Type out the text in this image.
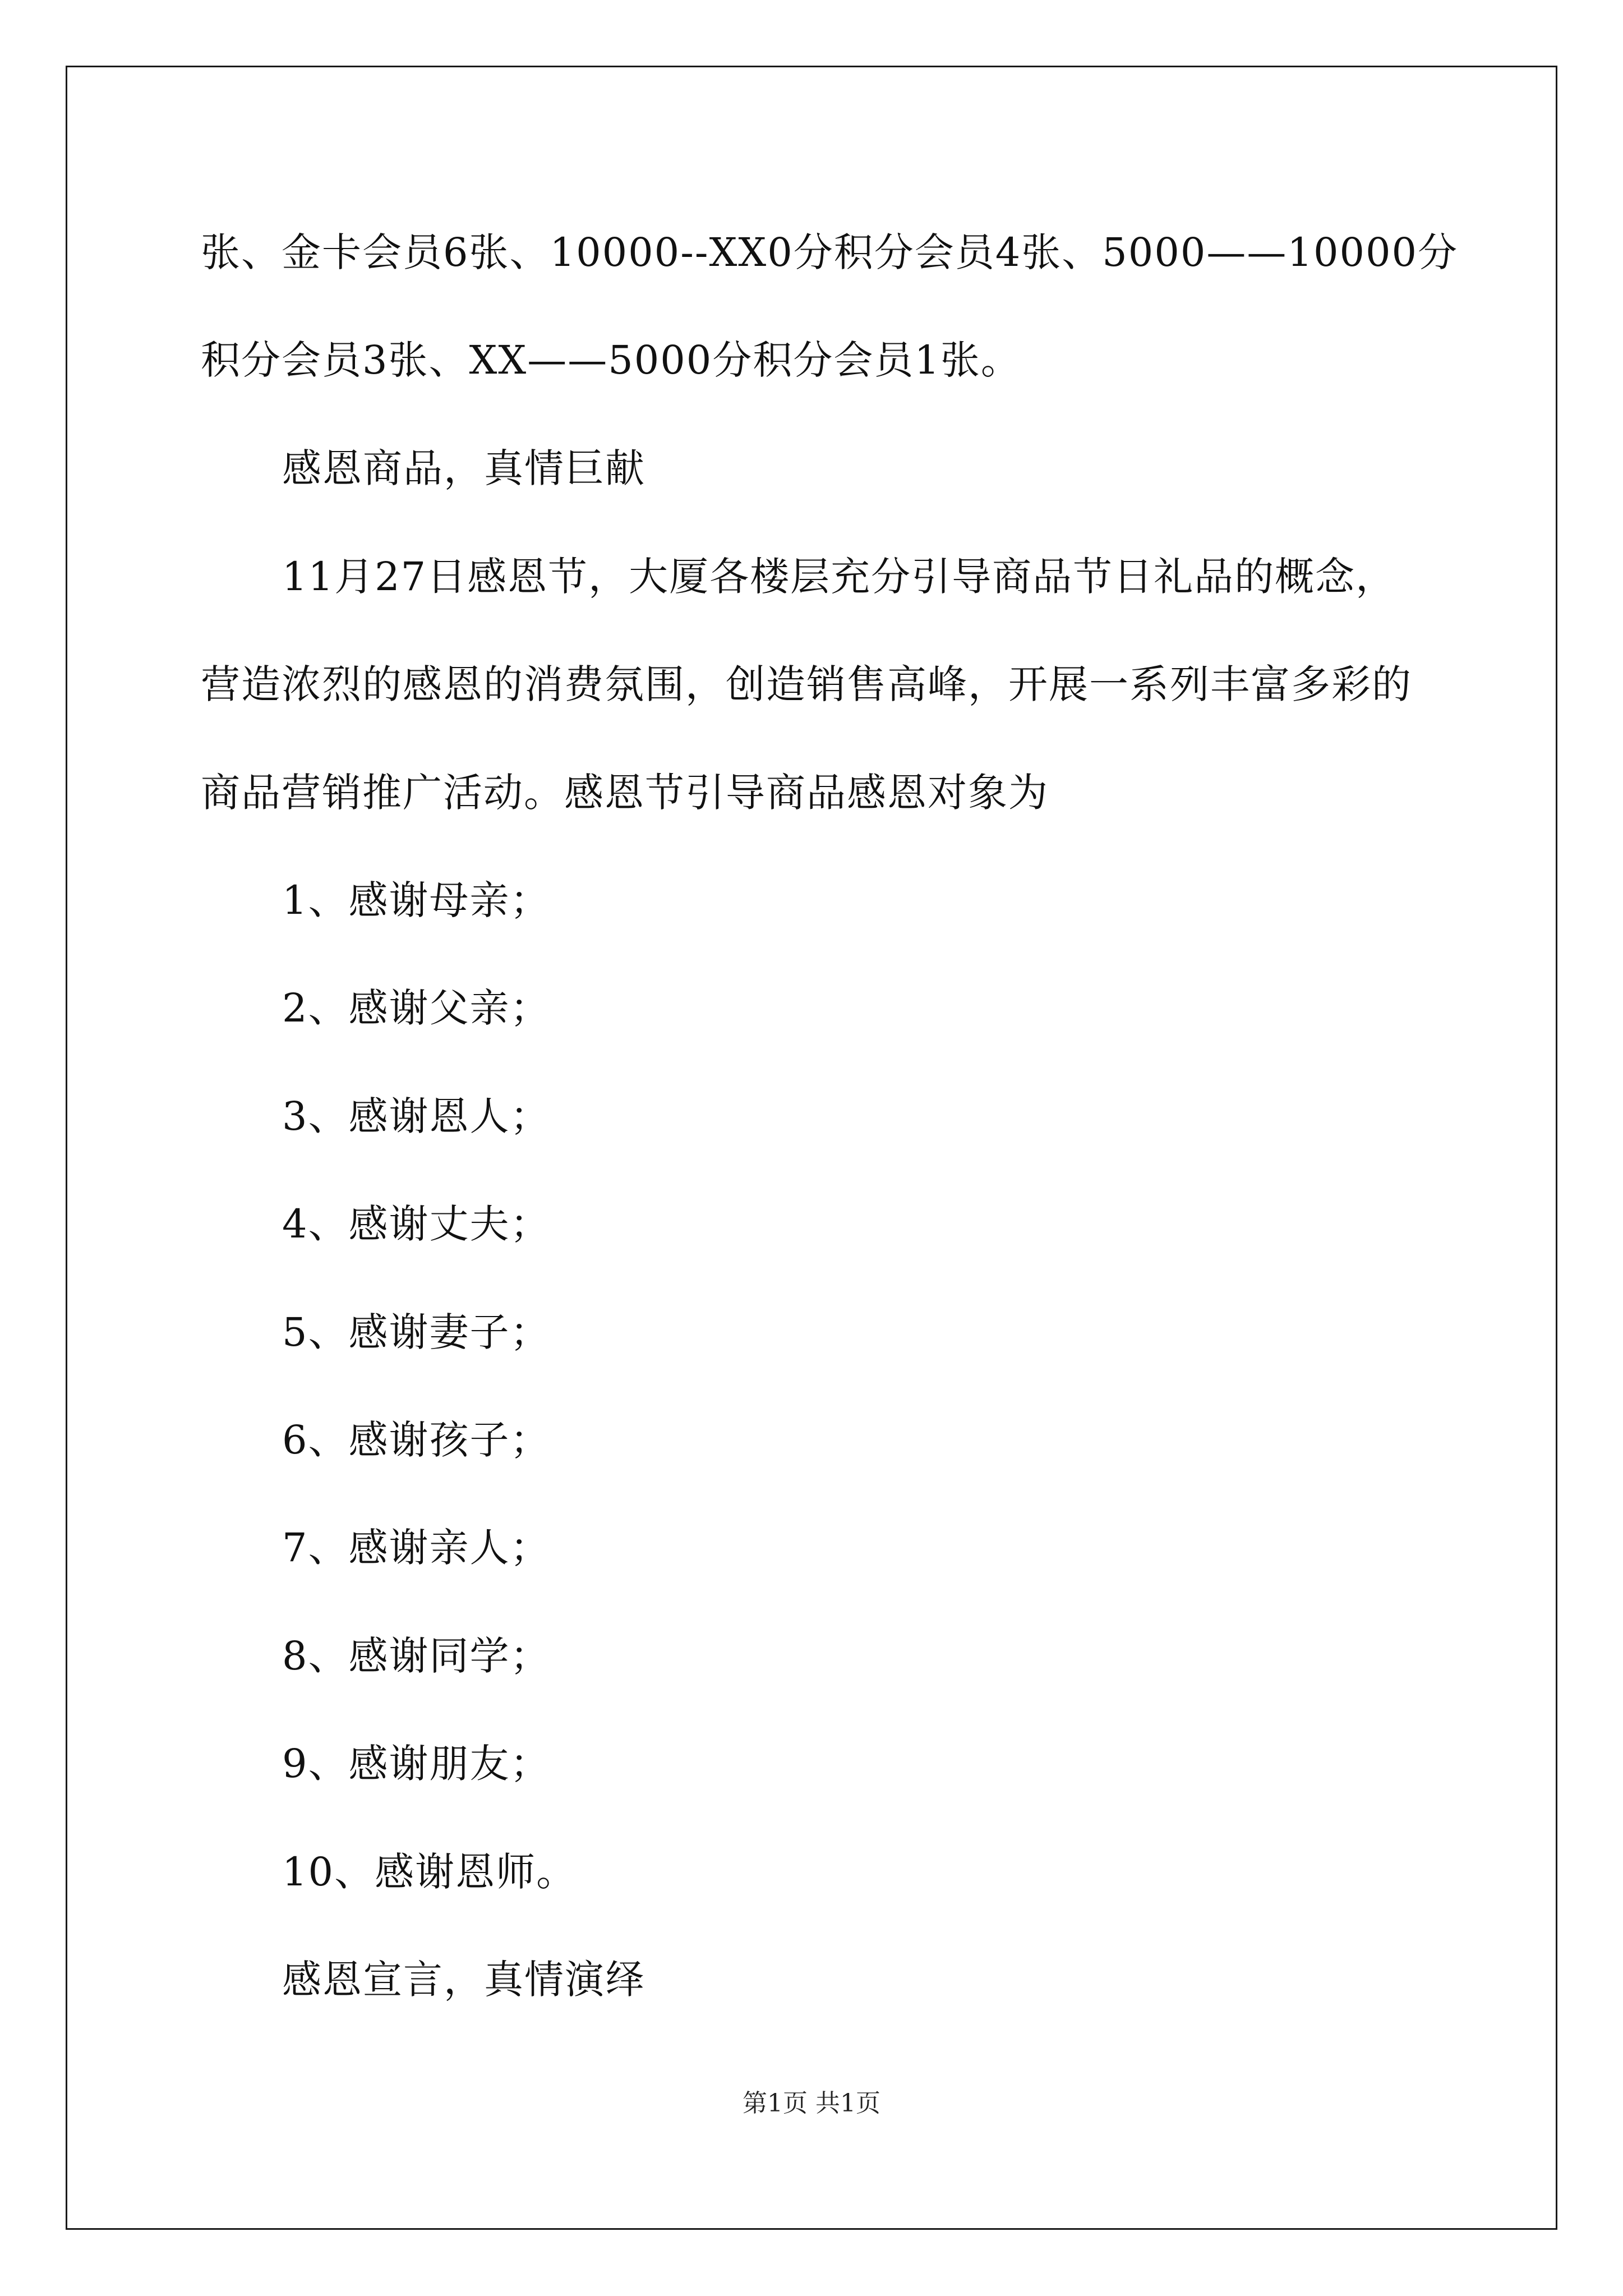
张、金卡会员6张、10000--XX0分积分会员4张、5000——10000分
积分会员3张、XX——5000分积分会员1张。
感恩商品，真情巨献
11月27日感恩节，大厦各楼层充分引导商品节日礼品的概念，
营造浓烈的感恩的消费氛围，创造销售高峰，开展一系列丰富多彩的
商品营销推广活动。感恩节引导商品感恩对象为
1、感谢母亲；
2、感谢父亲；
3、感谢恩人；
4、感谢丈夫；
5、感谢妻子；
6、感谢孩子；
7、感谢亲人；
8、感谢同学；
9、感谢朋友；
10、感谢恩师。
感恩宣言，真情演绎
第1页 共1页
